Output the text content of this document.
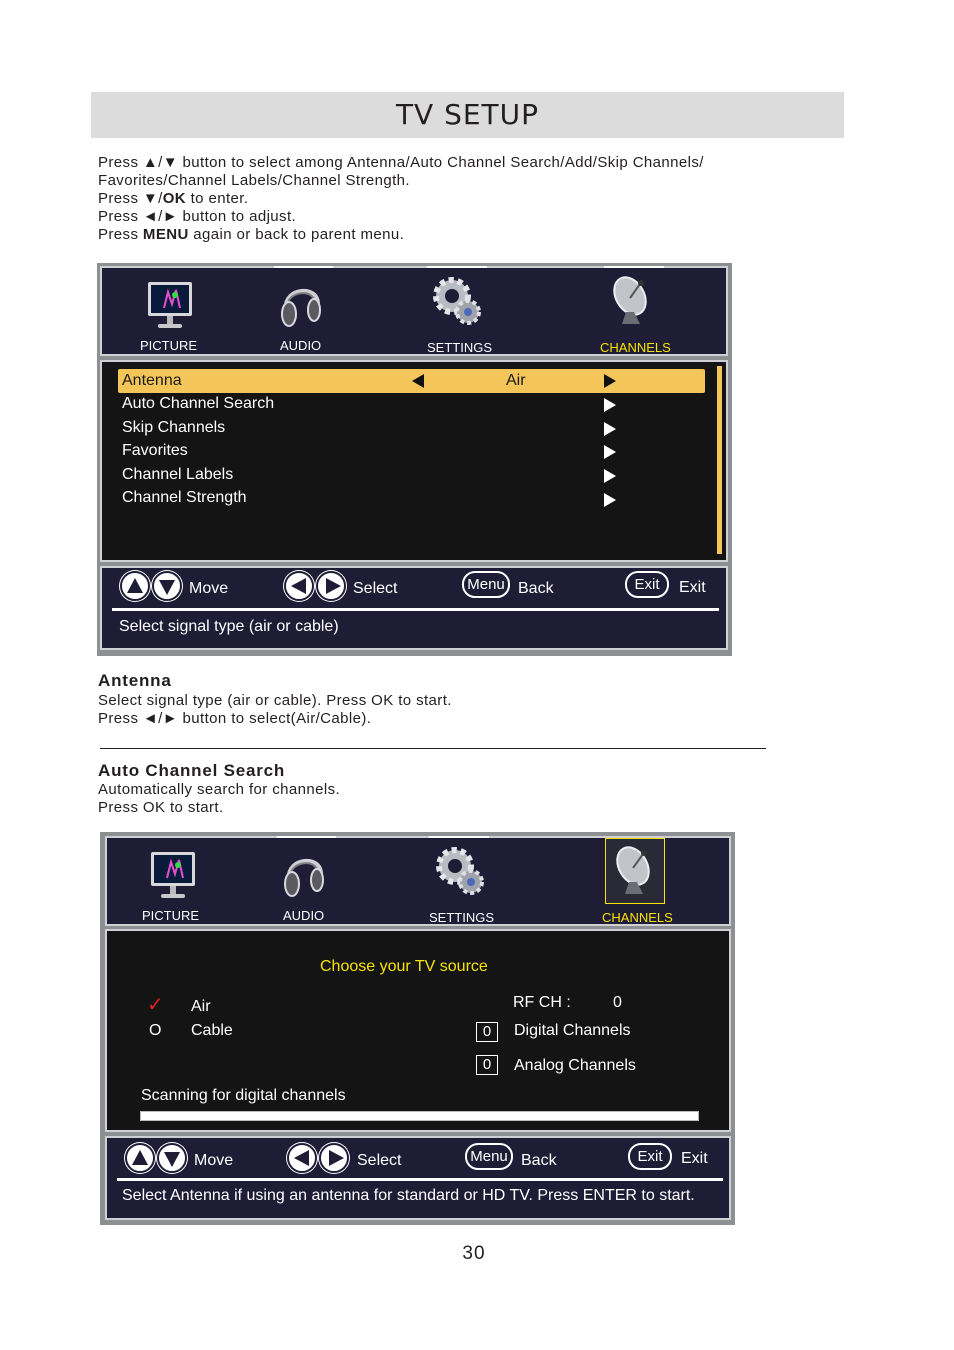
TV SETUP
Press ▲/▼ button to select among Antenna/Auto Channel Search/Add/Skip Channels/
Favorites/Channel Labels/Channel Strength.
Press ▼/OK to enter.
Press ◄/► button to adjust.
Press MENU again or back to parent menu.
PICTURE	AUDIO	SETTINGS	CHANNELS
Antenna	Air
Auto Channel Search
Skip Channels
Favorites
Channel Labels
Channel Strength
Move	Select	Menu Back	Exit	Exit
Select signal type (air or cable)
Antenna
Select signal type (air or cable). Press OK to start.
Press ◄/► button to select(Air/Cable).
Auto Channel Search
Automatically search for channels.
Press OK to start.
PICTURE	AUDIO	SETTINGS	CHANNELS
Choose your TV source
✓ Air
O Cable
RF CH :	0
0	Digital Channels
0	Analog Channels
Scanning for digital channels
Move	Select	Menu Back	Exit	Exit
Select Antenna if using an antenna for standard or HD TV. Press ENTER to start.
30
